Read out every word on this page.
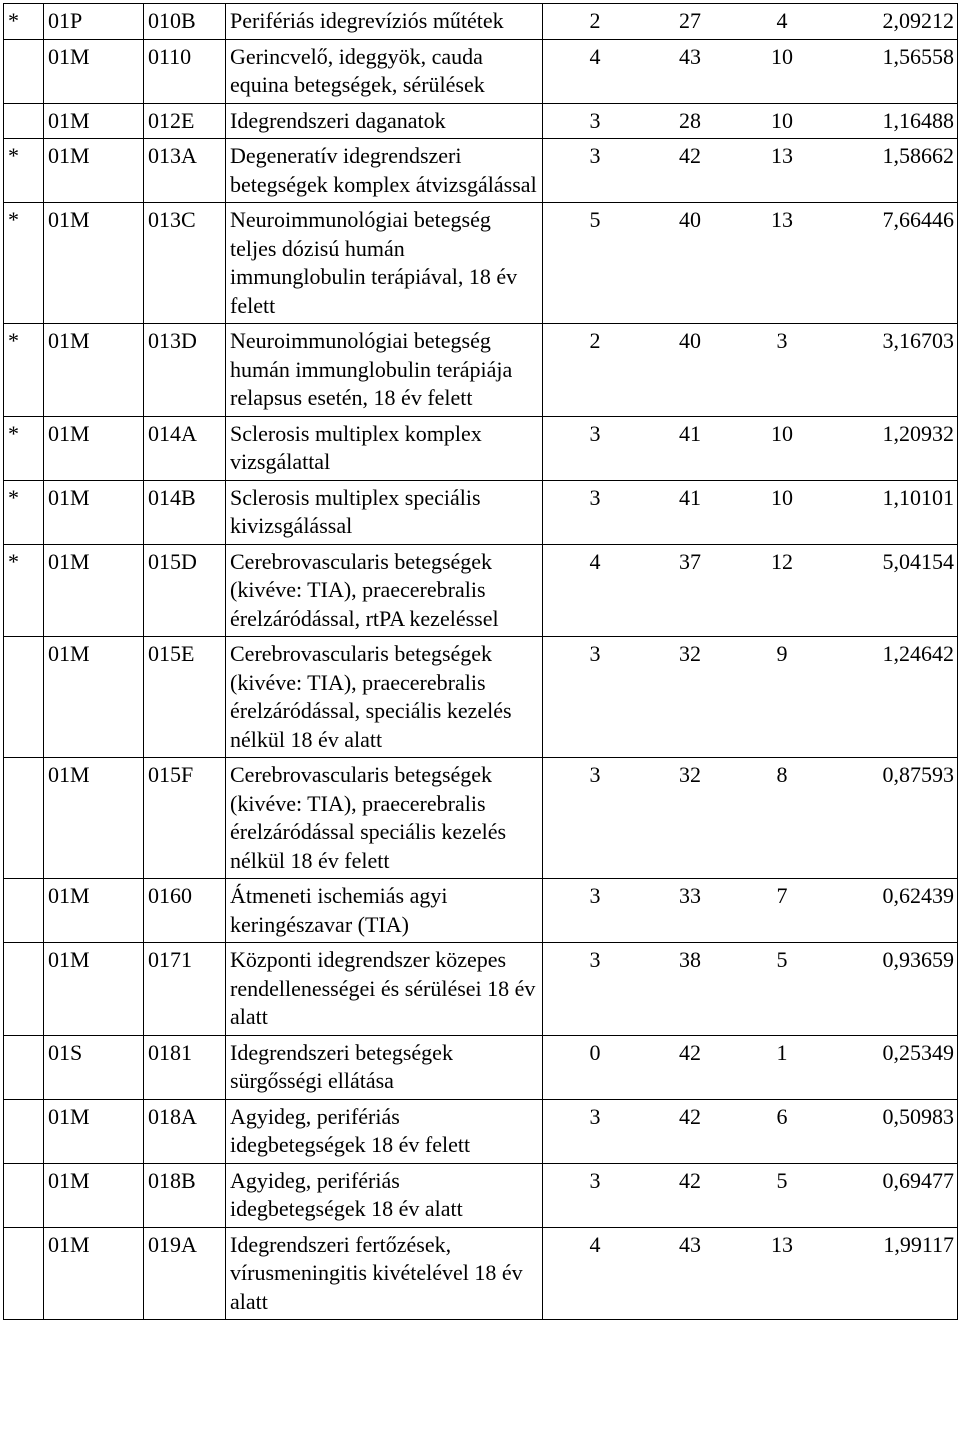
*	01P	010B	Perifériás idegrevíziós műtétek	2 27 4 2,09212

	01M	0110	Gerincvelő, ideggyök, cauda equina betegségek, sérülések	4 43 10 1,56558

	01M	012E	Idegrendszeri daganatok	3 28 10 1,16488

*	01M	013A	Degeneratív idegrendszeri betegségek komplex átvizsgálással	3 42 13 1,58662

*	01M	013C	Neuroimmunológiai betegség teljes dózisú humán immunglobulin terápiával, 18 év felett	5 40 13 7,66446

*	01M	013D	Neuroimmunológiai betegség humán immunglobulin terápiája relapsus esetén, 18 év felett	2 40 3 3,16703

*	01M	014A	Sclerosis multiplex komplex vizsgálattal	3 41 10 1,20932

*	01M	014B	Sclerosis multiplex speciális kivizsgálással	3 41 10 1,10101

*	01M	015D	Cerebrovascularis betegségek (kivéve: TIA), praecerebralis érelzáródással, rtPA kezeléssel	4 37 12 5,04154

	01M	015E	Cerebrovascularis betegségek (kivéve: TIA), praecerebralis érelzáródással, speciális kezelés nélkül 18 év alatt	3 32 9 1,24642

	01M	015F	Cerebrovascularis betegségek (kivéve: TIA), praecerebralis érelzáródással speciális kezelés nélkül 18 év felett	3 32 8 0,87593

	01M	0160	Átmeneti ischemiás agyi keringészavar (TIA)	3 33 7 0,62439

	01M	0171	Központi idegrendszer közepes rendellenességei és sérülései 18 év alatt	3 38 5 0,93659

	01S	0181	Idegrendszeri betegségek sürgősségi ellátása	0 42 1 0,25349

	01M	018A	Agyideg, perifériás idegbetegségek 18 év felett	3 42 6 0,50983

	01M	018B	Agyideg, perifériás idegbetegségek 18 év alatt	3 42 5 0,69477

	01M	019A	Idegrendszeri fertőzések, vírusmeningitis kivételével 18 év alatt	4 43 13 1,99117
